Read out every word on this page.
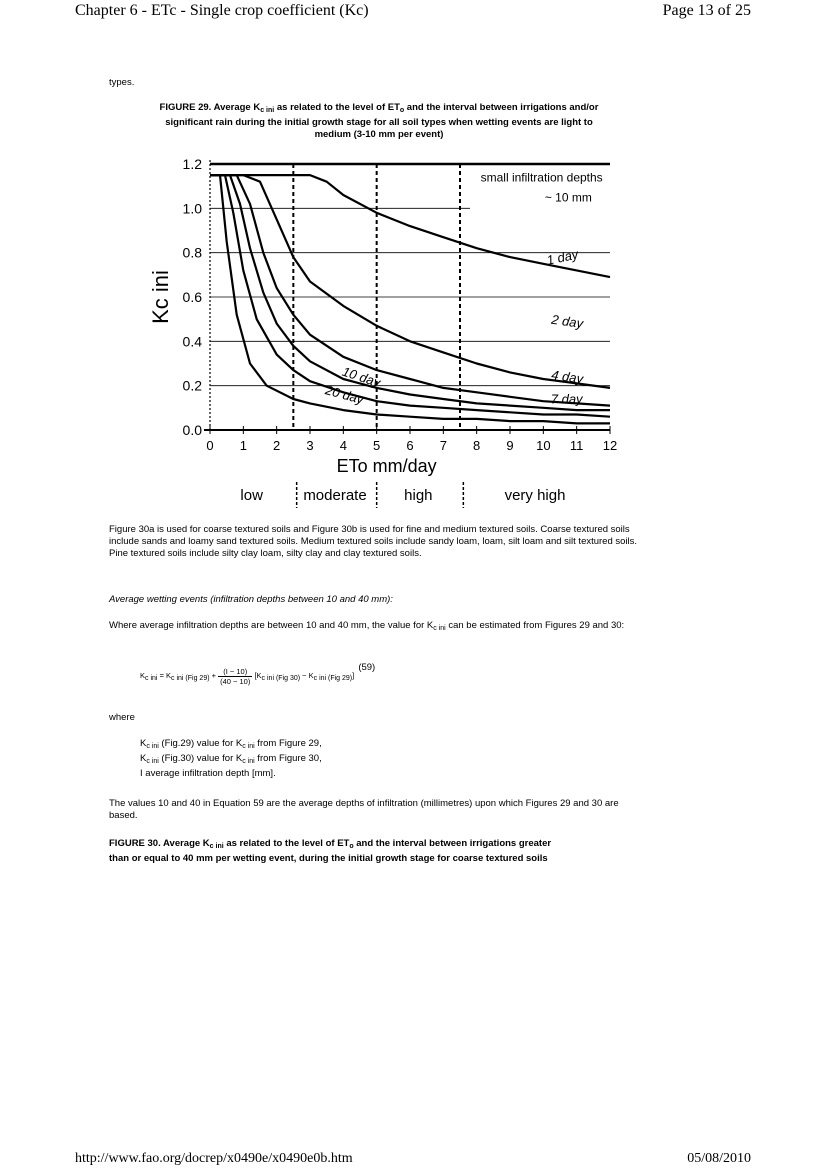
Chapter 6 - ETc - Single crop coefficient (Kc)	Page 13 of 25
types.
FIGURE 29. Average $K_{c ini}$ as related to the level of $ET_o$ and the interval between irrigations and/or
significant rain during the initial growth stage for all soil types when wetting events are light to
medium (3-10 mm per event)
0.0
0.2
0.4
0.6
0.8
1.0
1.2
0 1 2 3 4 5 6 7 8 9 10 11 12
1 day
2 day
4 day
7 day
10 day
20 day
small infiltration depths
~ 10 mm
Kc ini
ETo mm/day
low	moderate high	very high
Figure 30a is used for coarse textured soils and Figure 30b is used for fine and medium textured soils. Coarse textured soils include sands and loamy sand textured soils. Medium textured soils include sandy loam, loam, silt loam and silt textured soils. Pine textured soils include silty clay loam, silty clay and clay textured soils.
Average wetting events (infiltration depths between 10 and 40 mm):
Where average infiltration depths are between 10 and 40 mm, the value for $K_{c ini}$ can be estimated from Figures 29 and 30:
$K_{c ini} = K_{c ini (Fig 29)} + \frac{(I - 10)}{(40 - 10)} [K_{c ini (Fig 30)} - K_{c ini (Fig 29)}]$ (59)
where
$K_{c ini}$ (Fig.29) value for $K_{c ini}$ from Figure 29,
$K_{c ini}$ (Fig.30) value for $K_{c ini}$ from Figure 30,
I average infiltration depth [mm].
The values 10 and 40 in Equation 59 are the average depths of infiltration (millimetres) upon which Figures 29 and 30 are based.
FIGURE 30. Average $K_{c ini}$ as related to the level of $ET_o$ and the interval between irrigations greater
than or equal to 40 mm per wetting event, during the initial growth stage for coarse textured soils
http://www.fao.org/docrep/x0490e/x0490e0b.htm	05/08/2010
